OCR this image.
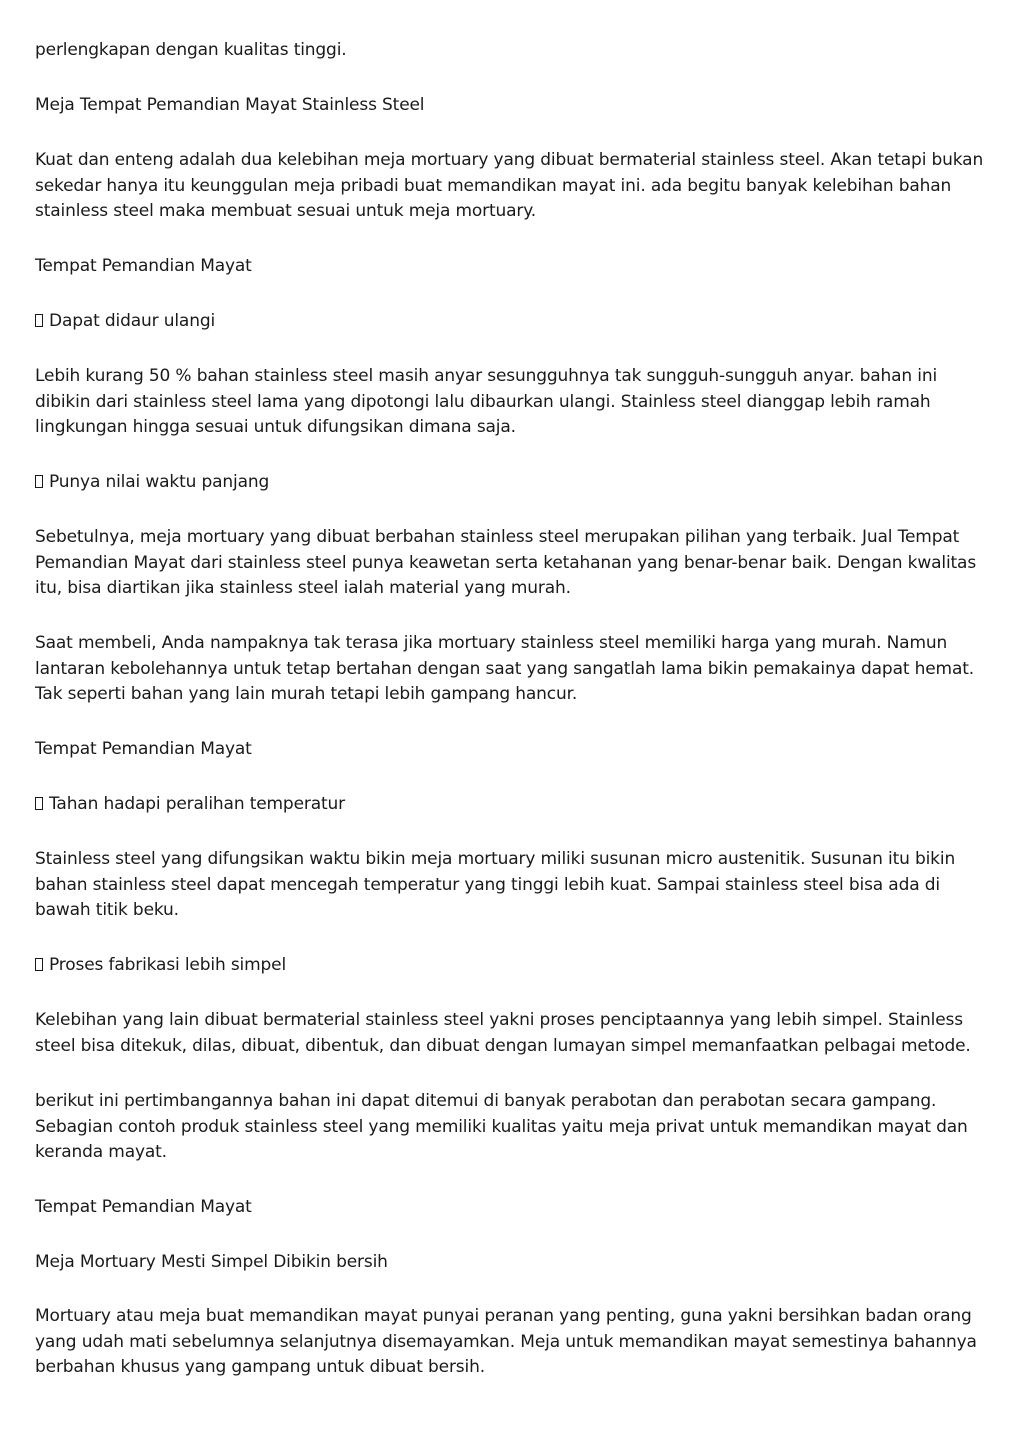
perlengkapan dengan kualitas tinggi.

Meja Tempat Pemandian Mayat Stainless Steel

Kuat dan enteng adalah dua kelebihan meja mortuary yang dibuat bermaterial stainless steel. Akan tetapi bukan sekedar hanya itu keunggulan meja pribadi buat memandikan mayat ini. ada begitu banyak kelebihan bahan stainless steel maka membuat sesuai untuk meja mortuary.

Tempat Pemandian Mayat

Dapat didaur ulangi

Lebih kurang 50 % bahan stainless steel masih anyar sesungguhnya tak sungguh-sungguh anyar. bahan ini dibikin dari stainless steel lama yang dipotongi lalu dibaurkan ulangi. Stainless steel dianggap lebih ramah lingkungan hingga sesuai untuk difungsikan dimana saja.

Punya nilai waktu panjang

Sebetulnya, meja mortuary yang dibuat berbahan stainless steel merupakan pilihan yang terbaik. Jual Tempat Pemandian Mayat dari stainless steel punya keawetan serta ketahanan yang benar-benar baik. Dengan kwalitas itu, bisa diartikan jika stainless steel ialah material yang murah.

Saat membeli, Anda nampaknya tak terasa jika mortuary stainless steel memiliki harga yang murah. Namun lantaran kebolehannya untuk tetap bertahan dengan saat yang sangatlah lama bikin pemakainya dapat hemat. Tak seperti bahan yang lain murah tetapi lebih gampang hancur.

Tempat Pemandian Mayat

Tahan hadapi peralihan temperatur

Stainless steel yang difungsikan waktu bikin meja mortuary miliki susunan micro austenitik. Susunan itu bikin bahan stainless steel dapat mencegah temperatur yang tinggi lebih kuat. Sampai stainless steel bisa ada di bawah titik beku.

Proses fabrikasi lebih simpel

Kelebihan yang lain dibuat bermaterial stainless steel yakni proses penciptaannya yang lebih simpel. Stainless steel bisa ditekuk, dilas, dibuat, dibentuk, dan dibuat dengan lumayan simpel memanfaatkan pelbagai metode.

berikut ini pertimbangannya bahan ini dapat ditemui di banyak perabotan dan perabotan secara gampang. Sebagian contoh produk stainless steel yang memiliki kualitas yaitu meja privat untuk memandikan mayat dan keranda mayat.

Tempat Pemandian Mayat

Meja Mortuary Mesti Simpel Dibikin bersih

Mortuary atau meja buat memandikan mayat punyai peranan yang penting, guna yakni bersihkan badan orang yang udah mati sebelumnya selanjutnya disemayamkan. Meja untuk memandikan mayat semestinya bahannya berbahan khusus yang gampang untuk dibuat bersih.
